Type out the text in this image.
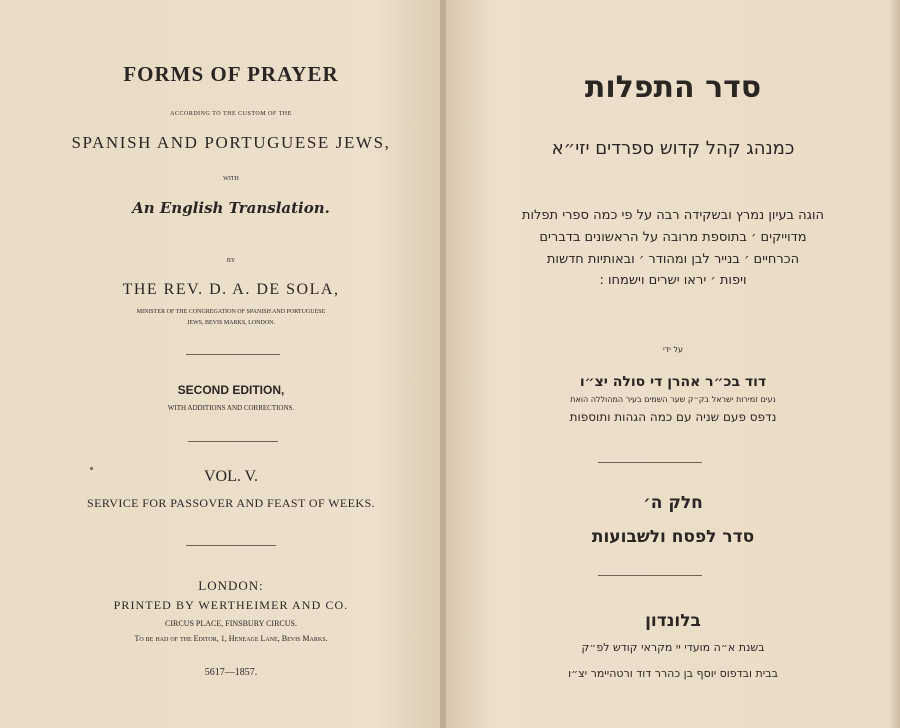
FORMS OF PRAYER
ACCORDING TO THE CUSTOM OF THE
SPANISH AND PORTUGUESE JEWS,
WITH
An English Translation.
BY
THE REV. D. A. DE SOLA,
MINISTER OF THE CONGREGATION OF SPANISH AND PORTUGUESE
JEWS, BEVIS MARKS, LONDON.
SECOND EDITION,
WITH ADDITIONS AND CORRECTIONS.
VOL. V.
SERVICE FOR PASSOVER AND FEAST OF WEEKS.
LONDON:
PRINTED BY WERTHEIMER AND CO.
CIRCUS PLACE, FINSBURY CIRCUS.
To be had of the Editor, 1, Heneage Lane, Bevis Marks.
5617—1857.
סדר התפלות
כמנהג קהל קדוש ספרדים יזי״א
הוגה בעיון נמרץ ובשקידה רבה על פי כמה ספרי תפלות
מדוייקים ׳ בתוספת מרובה על הראשונים בדברים
הכרחיים ׳ בנייר לבן ומהודר ׳ ובאותיות חדשות
ויפות ׳ יראו ישרים וישמחו :
על ידי
דוד בכ״ר אהרן די סולה יצ״ו
נעים זמירות ישראל בק״ק שער השמים בעיר המהוללה הואת
נדפס פעם שניה עם כמה הגהות ותוספות
חלק ה׳
סדר לפסח ולשבועות
בלונדון
בשנת א״ה מועדי יי מקראי קודש לפ״ק
בבית ובדפוס יוסף בן כהרר דוד ורטהיימר יצ״ו
